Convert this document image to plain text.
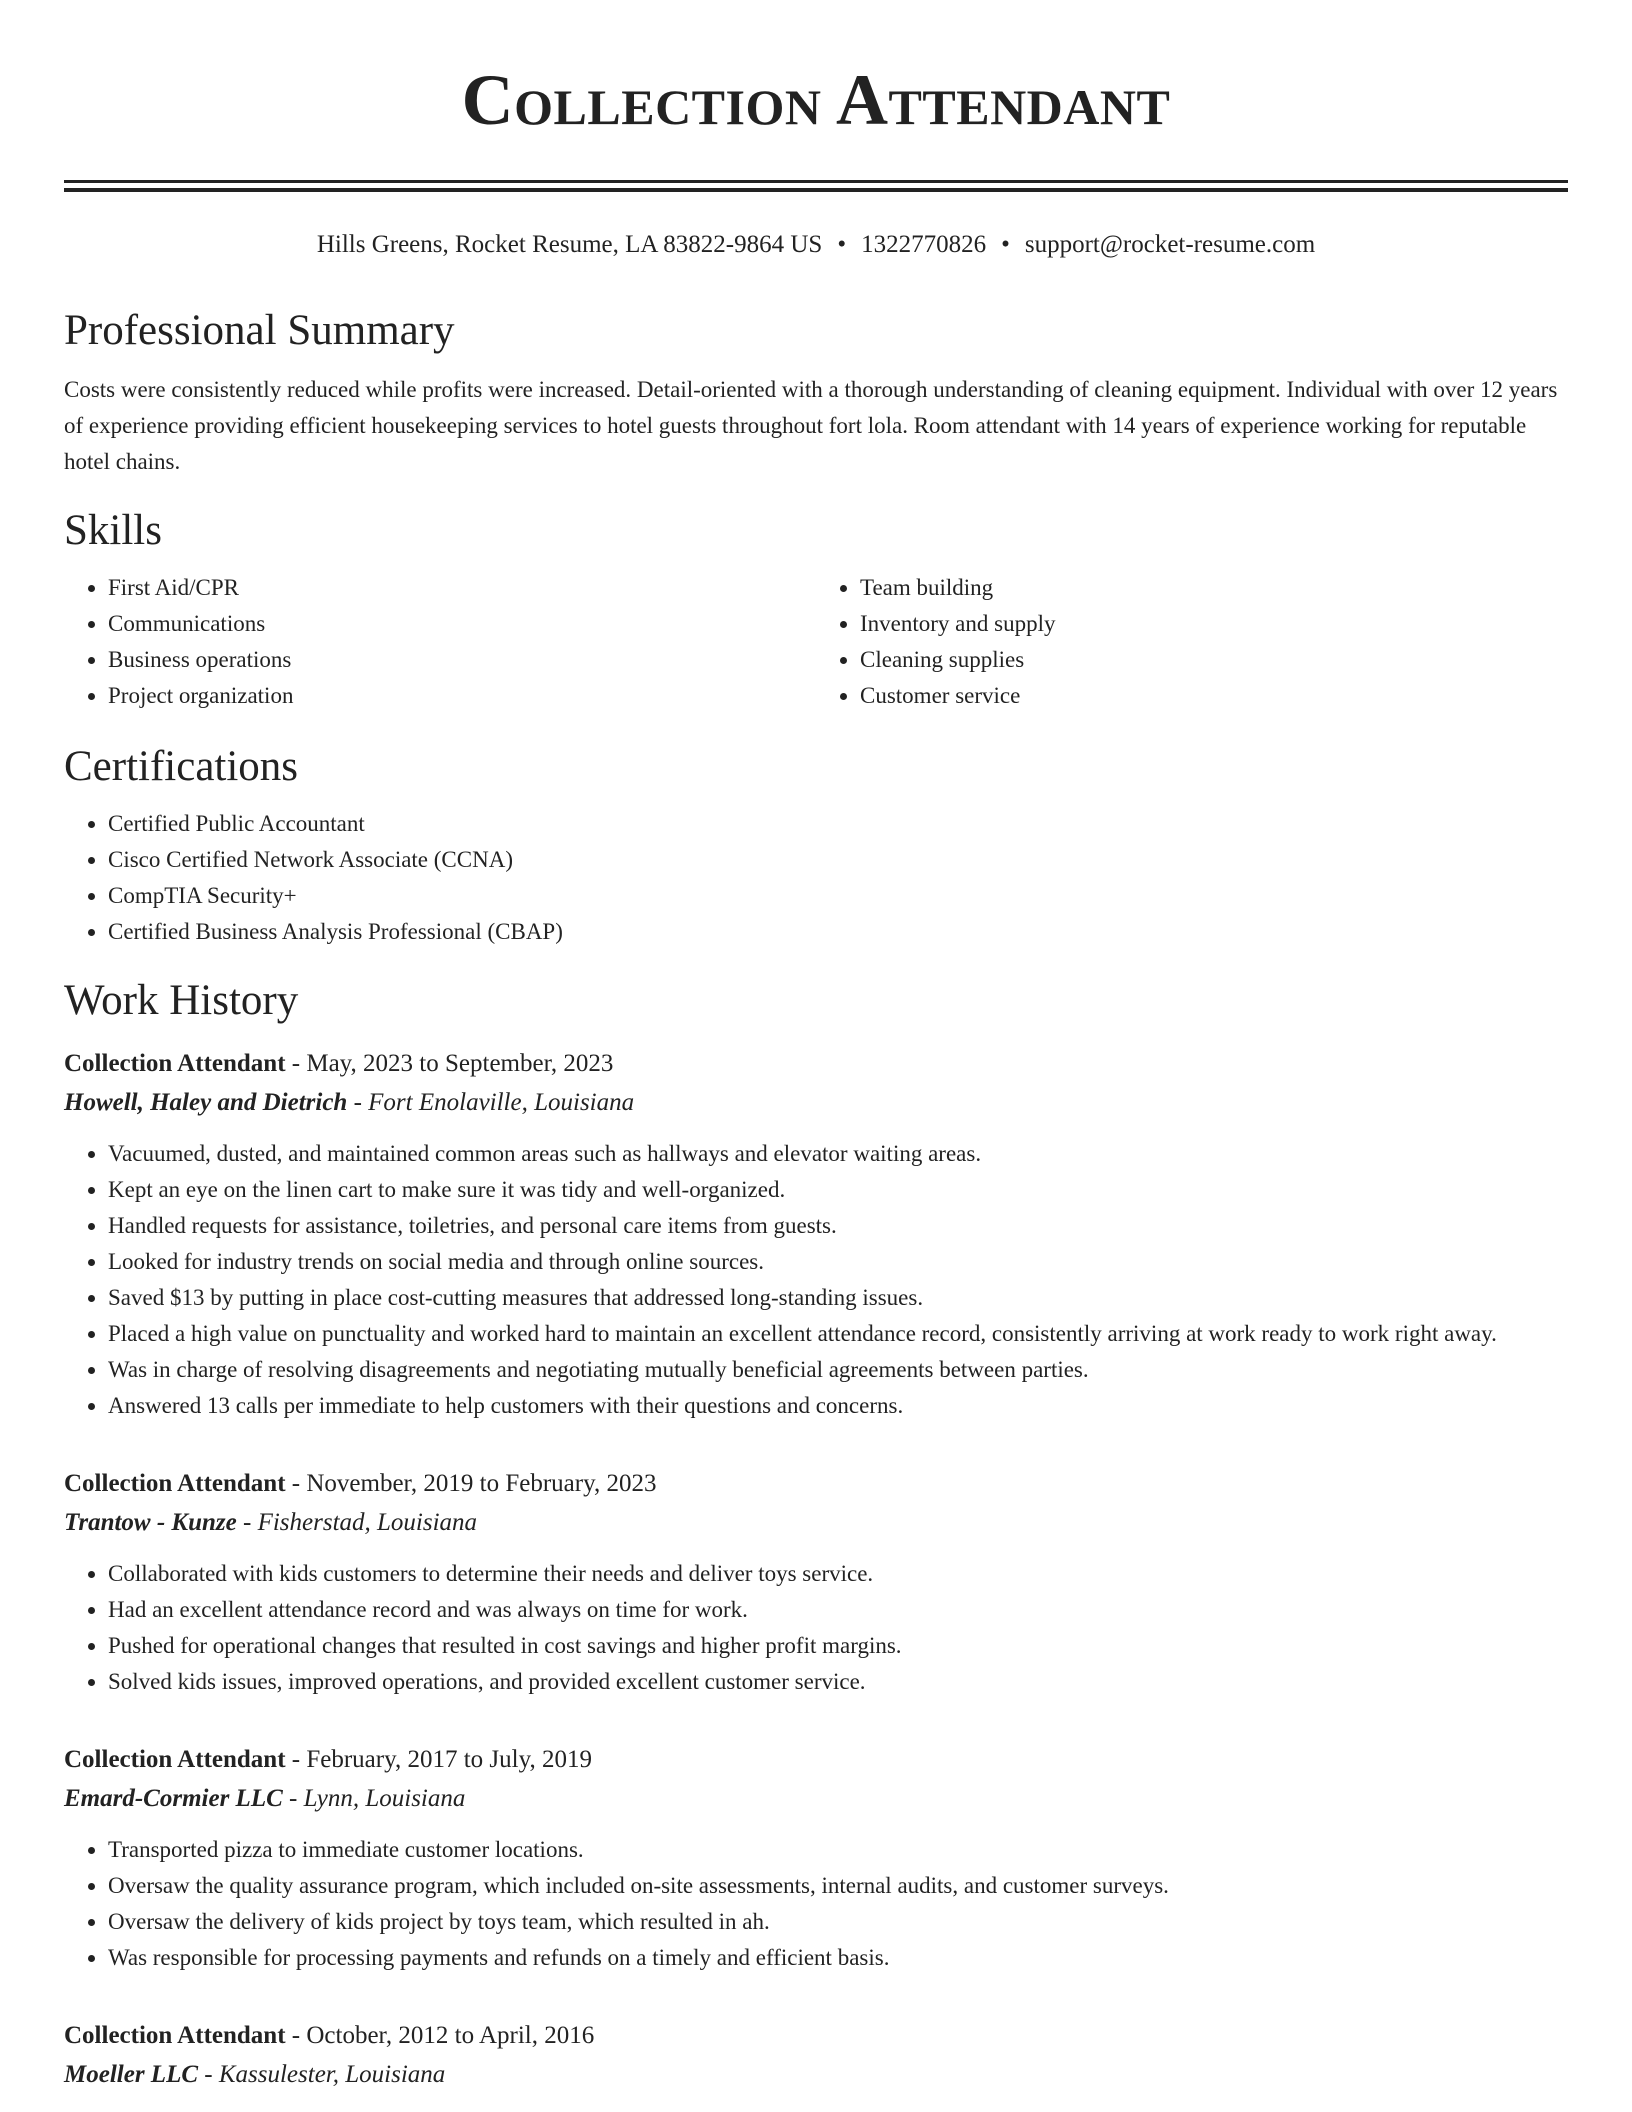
Collection Attendant
Hills Greens, Rocket Resume, LA 83822-9864 US • 1322770826 • support@rocket-resume.com
Professional Summary

Costs were consistently reduced while profits were increased. Detail-oriented with a thorough understanding of cleaning equipment. Individual with over 12 years of experience providing efficient housekeeping services to hotel guests throughout fort lola. Room attendant with 14 years of experience working for reputable hotel chains.

Skills
• First Aid/CPR
• Communications
• Business operations
• Project organization
• Team building
• Inventory and supply
• Cleaning supplies
• Customer service
Certifications
• Certified Public Accountant
• Cisco Certified Network Associate (CCNA)
• CompTIA Security+
• Certified Business Analysis Professional (CBAP)
Work History
Collection Attendant - May, 2023 to September, 2023
Howell, Haley and Dietrich - Fort Enolaville, Louisiana
• Vacuumed, dusted, and maintained common areas such as hallways and elevator waiting areas.
• Kept an eye on the linen cart to make sure it was tidy and well-organized.
• Handled requests for assistance, toiletries, and personal care items from guests.
• Looked for industry trends on social media and through online sources.
• Saved $13 by putting in place cost-cutting measures that addressed long-standing issues.
• Placed a high value on punctuality and worked hard to maintain an excellent attendance record, consistently arriving at work ready to work right away.
• Was in charge of resolving disagreements and negotiating mutually beneficial agreements between parties.
• Answered 13 calls per immediate to help customers with their questions and concerns.
Collection Attendant - November, 2019 to February, 2023
Trantow - Kunze - Fisherstad, Louisiana
• Collaborated with kids customers to determine their needs and deliver toys service.
• Had an excellent attendance record and was always on time for work.
• Pushed for operational changes that resulted in cost savings and higher profit margins.
• Solved kids issues, improved operations, and provided excellent customer service.
Collection Attendant - February, 2017 to July, 2019
Emard-Cormier LLC - Lynn, Louisiana
• Transported pizza to immediate customer locations.
• Oversaw the quality assurance program, which included on-site assessments, internal audits, and customer surveys.
• Oversaw the delivery of kids project by toys team, which resulted in ah.
• Was responsible for processing payments and refunds on a timely and efficient basis.
Collection Attendant - October, 2012 to April, 2016
Moeller LLC - Kassulester, Louisiana
